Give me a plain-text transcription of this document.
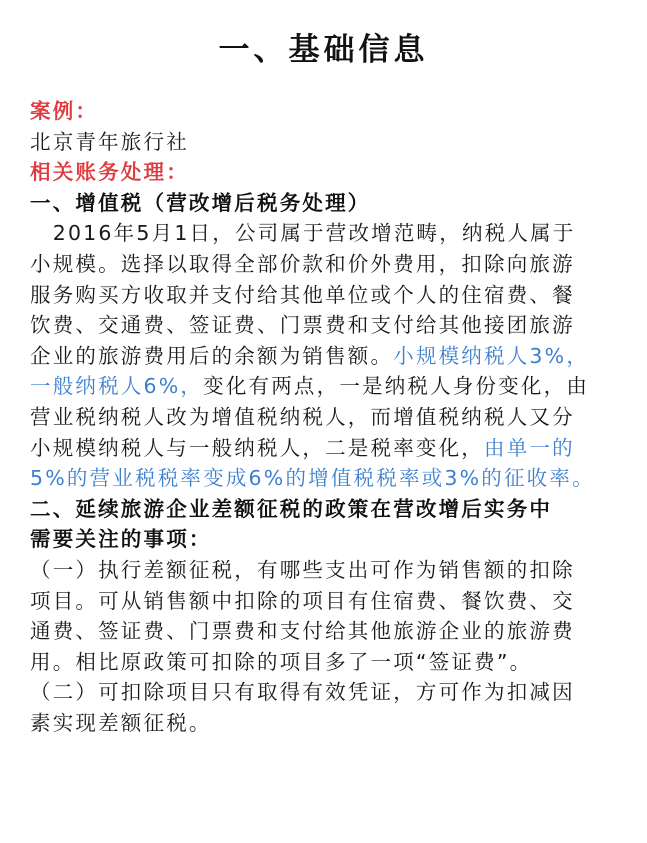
一、基础信息
案例：
北京青年旅行社
相关账务处理：
一、增值税（营改增后税务处理）
　2016年5月1日，公司属于营改增范畴，纳税人属于
小规模。选择以取得全部价款和价外费用，扣除向旅游
服务购买方收取并支付给其他单位或个人的住宿费、餐
饮费、交通费、签证费、门票费和支付给其他接团旅游
企业的旅游费用后的余额为销售额。小规模纳税人3%，
一般纳税人6%，变化有两点，一是纳税人身份变化，由
营业税纳税人改为增值税纳税人，而增值税纳税人又分
小规模纳税人与一般纳税人，二是税率变化，由单一的
5%的营业税税率变成6%的增值税税率或3%的征收率。
二、延续旅游企业差额征税的政策在营改增后实务中
需要关注的事项：
（一）执行差额征税，有哪些支出可作为销售额的扣除
项目。可从销售额中扣除的项目有住宿费、餐饮费、交
通费、签证费、门票费和支付给其他旅游企业的旅游费
用。相比原政策可扣除的项目多了一项“签证费”。
（二）可扣除项目只有取得有效凭证，方可作为扣减因
素实现差额征税。
